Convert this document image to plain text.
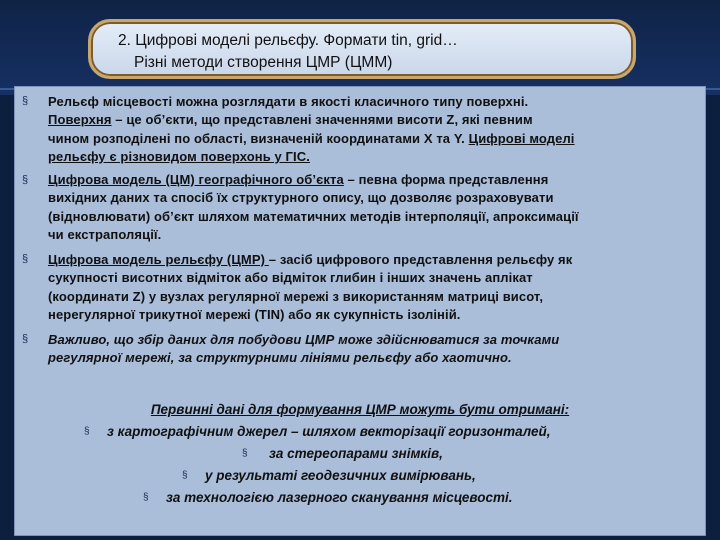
2. Цифрові моделі рельєфу. Формати tin, grid…
Різні методи створення ЦМР (ЦММ)
§
§
§
§
Рельєф місцевості можна розглядати в якості класичного типу поверхні.
Поверхня – це об’єкти, що представлені значеннями висоти Z, які певним
чином розподілені по області, визначеній координатами X та Y. Цифрові моделі
рельєфу є різновидом поверхонь у ГІС.
Цифрова модель (ЦМ) географічного об’єкта – певна форма представлення
вихідних даних та спосіб їх структурного опису, що дозволяє розраховувати
(відновлювати) об’єкт шляхом математичних методів інтерполяції, апроксимації
чи екстраполяції.
Цифрова модель рельєфу (ЦМР) – засіб цифрового представлення рельєфу як
сукупності висотних відміток або відміток глибин і інших значень аплікат
(координати Z) у вузлах регулярної мережі з використанням матриці висот,
нерегулярної трикутної мережі (TIN) або як сукупність ізоліній.
Важливо, що збір даних для побудови ЦМР може здійснюватися за точками
регулярної мережі, за структурними лініями рельєфу або хаотично.
Первинні дані для формування ЦМР можуть бути отримані:
§ з картографічним джерел – шляхом векторізації горизонталей,
§ за стереопарами знімків,
§ у результаті геодезичних вимірювань,
§ за технологією лазерного сканування місцевості.
